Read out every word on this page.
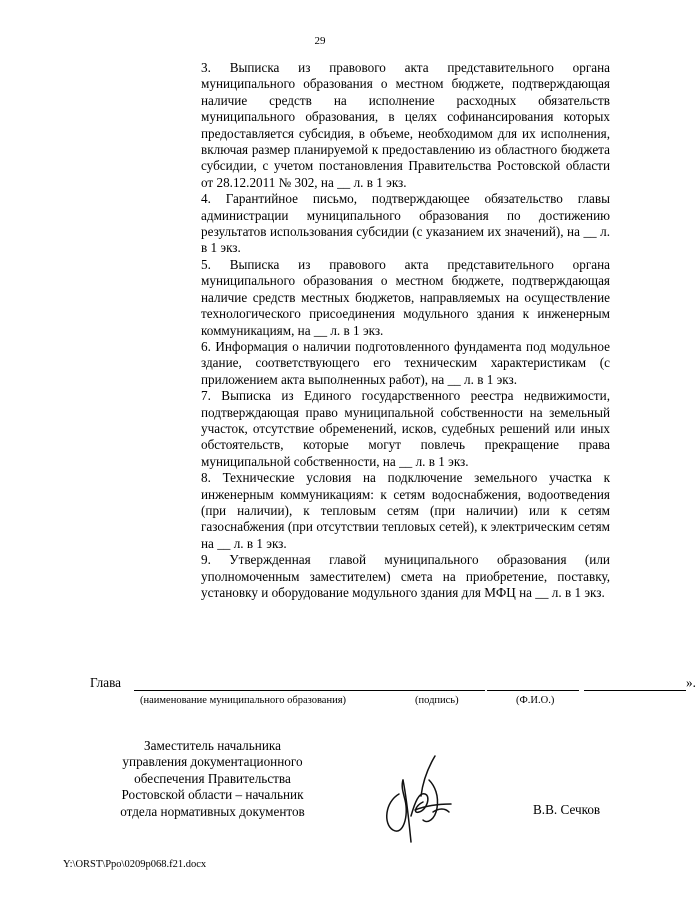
29

3. Выписка из правового акта представительного органа муниципального образования о местном бюджете, подтверждающая наличие средств на исполнение расходных обязательств муниципального образования, в целях софинансирования которых предоставляется субсидия, в объеме, необходимом для их исполнения, включая размер планируемой к предоставлению из областного бюджета субсидии, с учетом постановления Правительства Ростовской области от 28.12.2011 № 302, на __ л. в 1 экз.

4. Гарантийное письмо, подтверждающее обязательство главы администрации муниципального образования по достижению результатов использования субсидии (с указанием их значений), на __ л. в 1 экз.

5. Выписка из правового акта представительного органа муниципального образования о местном бюджете, подтверждающая наличие средств местных бюджетов, направляемых на осуществление технологического присоединения модульного здания к инженерным коммуникациям, на __ л. в 1 экз.

6. Информация о наличии подготовленного фундамента под модульное здание, соответствующего его техническим характеристикам (с приложением акта выполненных работ), на __ л. в 1 экз.

7. Выписка из Единого государственного реестра недвижимости, подтверждающая право муниципальной собственности на земельный участок, отсутствие обременений, исков, судебных решений или иных обстоятельств, которые могут повлечь прекращение права муниципальной собственности, на __ л. в 1 экз.

8. Технические условия на подключение земельного участка к инженерным коммуникациям: к сетям водоснабжения, водоотведения (при наличии), к тепловым сетям (при наличии) или к сетям газоснабжения (при отсутствии тепловых сетей), к электрическим сетям на __ л. в 1 экз.

9. Утвержденная главой муниципального образования (или уполномоченным заместителем) смета на приобретение, поставку, установку и оборудование модульного здания для МФЦ на __ л. в 1 экз.

Глава	».
(наименование муниципального образования)	(подпись)	(Ф.И.О.)
Заместитель начальника
управления документационного
обеспечения Правительства
Ростовской области – начальник
отдела нормативных документов	В.В. Сечков
Y:\ORST\Ppo\0209p068.f21.docx
